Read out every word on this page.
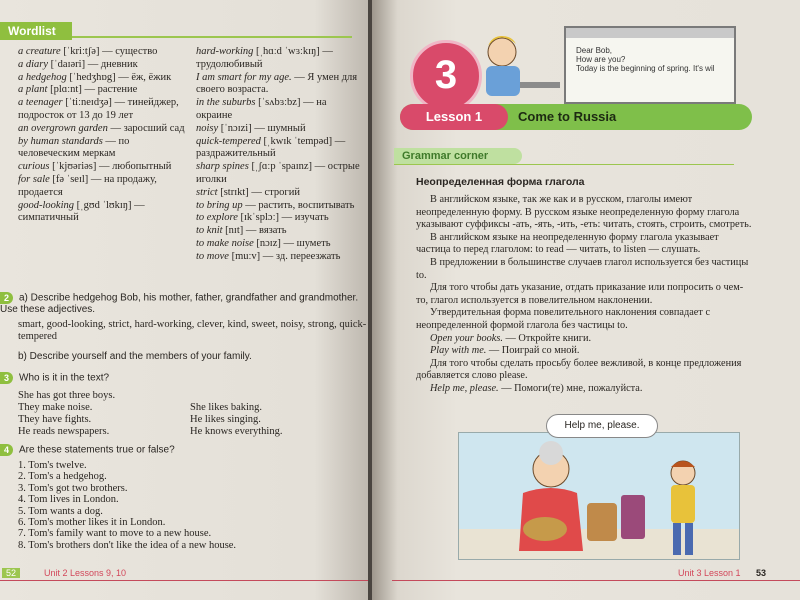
Wordlist

a creature [ˈkriːtʃə] — существо

a diary [ˈdaɪəri] — дневник

a hedgehog [ˈhedʒhɒg] — ёж, ёжик

a plant [plɑːnt] — растение

a teenager [ˈtiːneɪdʒə] — тинейджер, подросток от 13 до 19 лет

an overgrown garden — заросший сад

by human standards — по человеческим меркам

curious [ˈkjʊəriəs] — любопытный

for sale [fə ˈseɪl] — на продажу, продается

good-looking [ˌgʊd ˈlʊkɪŋ] — симпатичный

hard-working [ˌhɑːd ˈwɜːkɪŋ] — трудолюбивый

I am smart for my age. — Я умен для своего возраста.

in the suburbs [ˈsʌbɜːbz] — на окраине

noisy [ˈnɔɪzi] — шумный

quick-tempered [ˌkwɪk ˈtempəd] — раздражительный

sharp spines [ˌʃɑːp ˈspaɪnz] — острые иголки

strict [strɪkt] — строгий

to bring up — растить, воспитывать

to explore [ɪkˈsplɔː] — изучать

to knit [nɪt] — вязать

to make noise [nɔɪz] — шуметь

to move [muːv] — зд. переезжать

2 a) Describe hedgehog Bob, his mother, father, grandfather and grandmother. Use these adjectives.
smart, good-looking, strict, hard-working, clever, kind, sweet, noisy, strong, quick-tempered
b) Describe yourself and the members of your family.
3 Who is it in the text?
She has got three boys.
They make noise.
They have fights.
He reads newspapers.
She likes baking.
He likes singing.
He knows everything.
4 Are these statements true or false?
1. Tom's twelve.
2. Tom's a hedgehog.
3. Tom's got two brothers.
4. Tom lives in London.
5. Tom wants a dog.
6. Tom's mother likes it in London.
7. Tom's family want to move to a new house.
8. Tom's brothers don't like the idea of a new house.
52	Unit 2 Lessons 9, 10
Dear Bob,
How are you?
Today is the beginning of spring. It's wil
3
Lesson 1	Come to Russia
Grammar corner
Неопределенная форма глагола

В английском языке, так же как и в русском, глаголы имеют неопределенную форму. В русском языке неопределенную форму глагола указывают суффиксы -ать, -ять, -ить, -еть: читать, стоять, строить, смотреть.

В английском языке на неопределенную форму глагола указывает частица to перед глаголом: to read — читать, to listen — слушать.

В предложении в большинстве случаев глагол используется без частицы to.

Для того чтобы дать указание, отдать приказание или попросить о чем-то, глагол используется в повелительном наклонении.

Утвердительная форма повелительного наклонения совпадает с неопределенной формой глагола без частицы to.

Open your books. — Откройте книги.

Play with me. — Поиграй со мной.

Для того чтобы сделать просьбу более вежливой, в конце предложения добавляется слово please.

Help me, please. — Помоги(те) мне, пожалуйста.

Help me, please.
Unit 3 Lesson 1 53
